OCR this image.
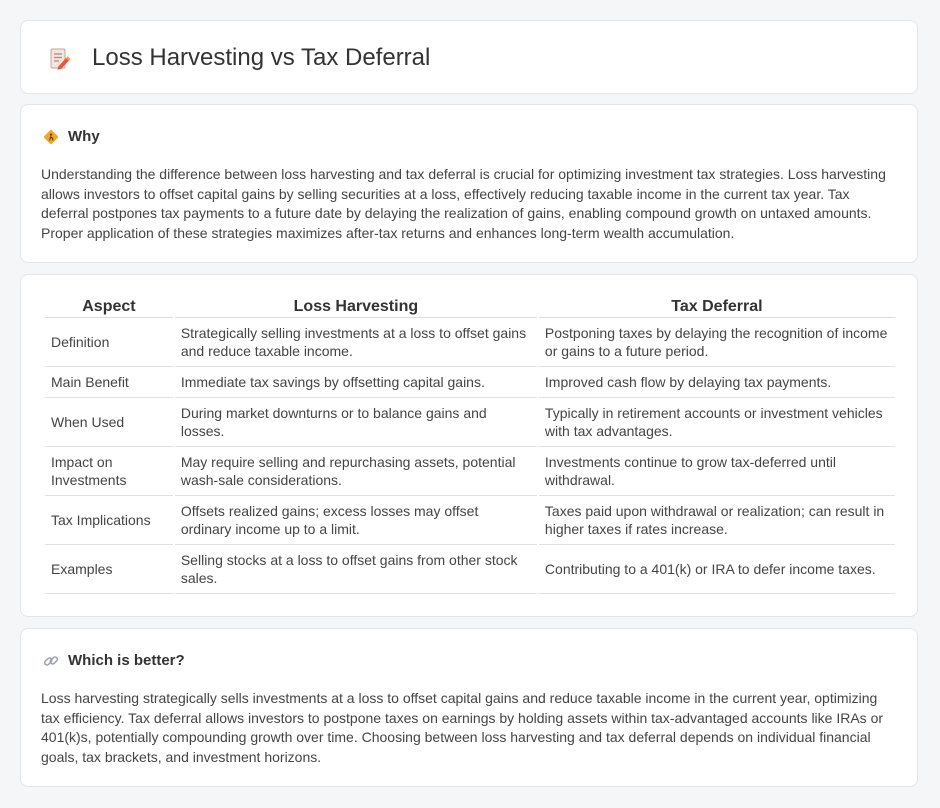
Loss Harvesting vs Tax Deferral
Why

Understanding the difference between loss harvesting and tax deferral is crucial for optimizing investment tax strategies. Loss harvesting allows investors to offset capital gains by selling securities at a loss, effectively reducing taxable income in the current tax year. Tax deferral postpones tax payments to a future date by delaying the realization of gains, enabling compound growth on untaxed amounts. Proper application of these strategies maximizes after-tax returns and enhances long-term wealth accumulation.

Aspect	Loss Harvesting	Tax Deferral
Definition	Strategically selling investments at a loss to offset gains and reduce taxable income.	Postponing taxes by delaying the recognition of income or gains to a future period.
Main Benefit	Immediate tax savings by offsetting capital gains.	Improved cash flow by delaying tax payments.
When Used	During market downturns or to balance gains and losses.	Typically in retirement accounts or investment vehicles with tax advantages.
Impact on Investments	May require selling and repurchasing assets, potential wash-sale considerations.	Investments continue to grow tax-deferred until withdrawal.
Tax Implications	Offsets realized gains; excess losses may offset ordinary income up to a limit.	Taxes paid upon withdrawal or realization; can result in higher taxes if rates increase.
Examples	Selling stocks at a loss to offset gains from other stock sales.	Contributing to a 401(k) or IRA to defer income taxes.
Which is better?

Loss harvesting strategically sells investments at a loss to offset capital gains and reduce taxable income in the current year, optimizing tax efficiency. Tax deferral allows investors to postpone taxes on earnings by holding assets within tax-advantaged accounts like IRAs or 401(k)s, potentially compounding growth over time. Choosing between loss harvesting and tax deferral depends on individual financial goals, tax brackets, and investment horizons.
